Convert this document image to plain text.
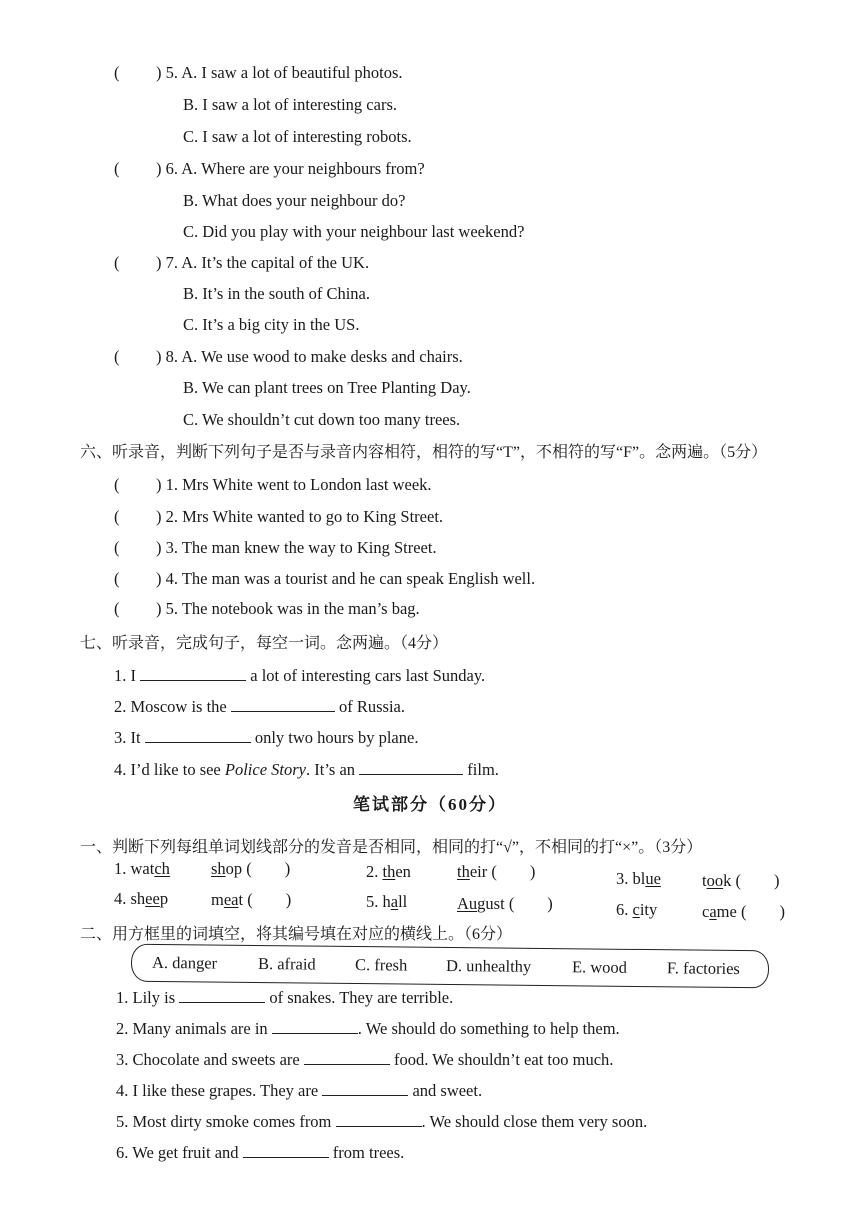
( ) 5. A. I saw a lot of beautiful photos.
B. I saw a lot of interesting cars.
C. I saw a lot of interesting robots.
( ) 6. A. Where are your neighbours from?
B. What does your neighbour do?
C. Did you play with your neighbour last weekend?
( ) 7. A. It’s the capital of the UK.
B. It’s in the south of China.
C. It’s a big city in the US.
( ) 8. A. We use wood to make desks and chairs.
B. We can plant trees on Tree Planting Day.
C. We shouldn’t cut down too many trees.
六、听录音，判断下列句子是否与录音内容相符，相符的写“T”，不相符的写“F”。念两遍。（5分）
( ) 1. Mrs White went to London last week.
( ) 2. Mrs White wanted to go to King Street.
( ) 3. The man knew the way to King Street.
( ) 4. The man was a tourist and he can speak English well.
( ) 5. The notebook was in the man’s bag.
七、听录音，完成句子，每空一词。念两遍。（4分）
1. I	a lot of interesting cars last Sunday.
2. Moscow is the	of Russia.
3. It	only two hours by plane.
4. I’d like to see Police Story. It’s an	film.
笔试部分（60分）
一、判断下列每组单词划线部分的发音是否相同，相同的打“√”，不相同的打“×”。（3分）
1. watch shop (　　)	2. then	their (　　)	3. blue took (　　)
4. sheep	meat (　　)	5. hall	August (　　)	6. city	came (　　)
二、用方框里的词填空，将其编号填在对应的横线上。（6分）
A. danger B. afraid C. fresh D. unhealthy E. wood F. factories
1. Lily is	of snakes. They are terrible.
2. Many animals are in	. We should do something to help them.
3. Chocolate and sweets are	food. We shouldn’t eat too much.
4. I like these grapes. They are	and sweet.
5. Most dirty smoke comes from	. We should close them very soon.
6. We get fruit and	from trees.
